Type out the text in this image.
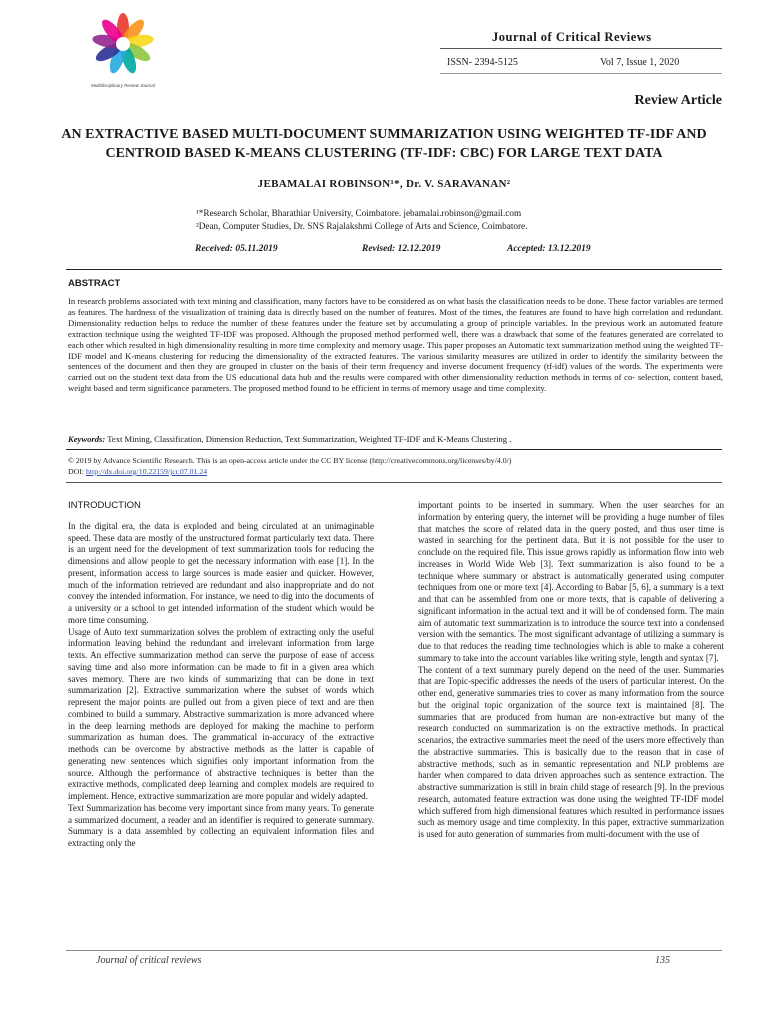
Multidisciplinary Review Journal
Journal of Critical Reviews
ISSN- 2394-5125	Vol 7, Issue 1, 2020
Review Article
AN EXTRACTIVE BASED MULTI-DOCUMENT SUMMARIZATION USING WEIGHTED TF-IDF AND CENTROID BASED K-MEANS CLUSTERING (TF-IDF: CBC) FOR LARGE TEXT DATA
JEBAMALAI ROBINSON¹*, Dr. V. SARAVANAN²
¹*Research Scholar, Bharathiar University, Coimbatore. jebamalai.robinson@gmail.com
²Dean, Computer Studies, Dr. SNS Rajalakshmi College of Arts and Science, Coimbatore.
Received: 05.11.2019	Revised: 12.12.2019	Accepted: 13.12.2019
ABSTRACT
In research problems associated with text mining and classification, many factors have to be considered as on what basis the classification needs to be done. These factor variables are termed as features. The hardness of the visualization of training data is directly based on the number of features. Most of the times, the features are found to have high correlation and redundant. Dimensionality reduction helps to reduce the number of these features under the feature set by accumulating a group of principle variables. In the previous work an automated feature extraction technique using the weighted TF-IDF was proposed. Although the proposed method performed well, there was a drawback that some of the features generated are correlated to each other which resulted in high dimensionality resulting in more time complexity and memory usage. This paper proposes an Automatic text summarization method using the weighted TF-IDF model and K-means clustering for reducing the dimensionality of the extracted features. The various similarity measures are utilized in order to identify the similarity between the sentences of the document and then they are grouped in cluster on the basis of their term frequency and inverse document frequency (tf-idf) values of the words. The experiments were carried out on the student text data from the US educational data hub and the results were compared with other dimensionality reduction methods in terms of co- selection, content based, weight based and term significance parameters. The proposed method found to be efficient in terms of memory usage and time complexity.
Keywords: Text Mining, Classification, Dimension Reduction, Text Summarization, Weighted TF-IDF and K-Means Clustering .
© 2019 by Advance Scientific Research. This is an open-access article under the CC BY license (http://creativecommons.org/licenses/by/4.0/)
DOI: http://dx.doi.org/10.22159/jcr.07.01.24
INTRODUCTION

In the digital era, the data is exploded and being circulated at an unimaginable speed. These data are mostly of the unstructured format particularly text data. There is an urgent need for the development of text summarization tools for reducing the dimensions and allow people to get the necessary information with ease [1]. In the present, information access to large sources is made easier and quicker. However, much of the information retrieved are redundant and also inappropriate and do not convey the intended information. For instance, we need to dig into the documents of a university or a school to get intended information of the student which would be more time consuming.

Usage of Auto text summarization solves the problem of extracting only the useful information leaving behind the redundant and irrelevant information from large texts. An effective summarization method can serve the purpose of ease of access saving time and also more information can be made to fit in a given area which saves memory. There are two kinds of summarizing that can be done in text summarization [2]. Extractive summarization where the subset of words which represent the major points are pulled out from a given piece of text and are then combined to build a summary. Abstractive summarization is more advanced where in the deep learning methods are deployed for making the machine to perform summarization as human does. The grammatical in-accuracy of the extractive methods can be overcome by abstractive methods as the latter is capable of generating new sentences which signifies only important information from the source. Although the performance of abstractive techniques is better than the extractive methods, complicated deep learning and complex models are required to implement. Hence, extractive summarization are more popular and widely adapted.

Text Summarization has become very important since from many years. To generate a summarized document, a reader and an identifier is required to generate summary. Summary is a data assembled by collecting an equivalent information files and extracting only the

important points to be inserted in summary. When the user searches for an information by entering query, the internet will be providing a huge number of files that matches the score of related data in the query posted, and thus user time is wasted in searching for the pertinent data. But it is not possible for the user to conclude on the required file. This issue grows rapidly as information flow into web increases in World Wide Web [3]. Text summarization is also found to be a technique where summary or abstract is automatically generated using computer techniques from one or more text [4]. According to Babar [5, 6], a summary is a text and that can be assembled from one or more texts, that is capable of delivering a significant information in the actual text and it will be of condensed form. The main aim of automatic text summarization is to introduce the source text into a condensed version with the semantics. The most significant advantage of utilizing a summary is due to that reduces the reading time technologies which is able to make a coherent summary to take into the account variables like writing style, length and syntax [7].

The content of a text summary purely depend on the need of the user. Summaries that are Topic-specific addresses the needs of the users of particular interest. On the other end, generative summaries tries to cover as many information from the source but the original topic organization of the source text is maintained [8]. The summaries that are produced from human are non-extractive but many of the research conducted on summarization is on the extractive methods. In practical scenarios, the extractive summaries meet the need of the users more effectively than the abstractive summaries. This is basically due to the reason that in case of abstractive methods, such as in semantic representation and NLP problems are harder when compared to data driven approaches such as sentence extraction. The abstractive summarization is still in brain child stage of research [9]. In the previous research, automated feature extraction was done using the weighted TF-IDF model which suffered from high dimensional features which resulted in performance issues such as memory usage and time complexity. In this paper, extractive summarization is used for auto generation of summaries from multi-document with the use of

Journal of critical reviews	135
